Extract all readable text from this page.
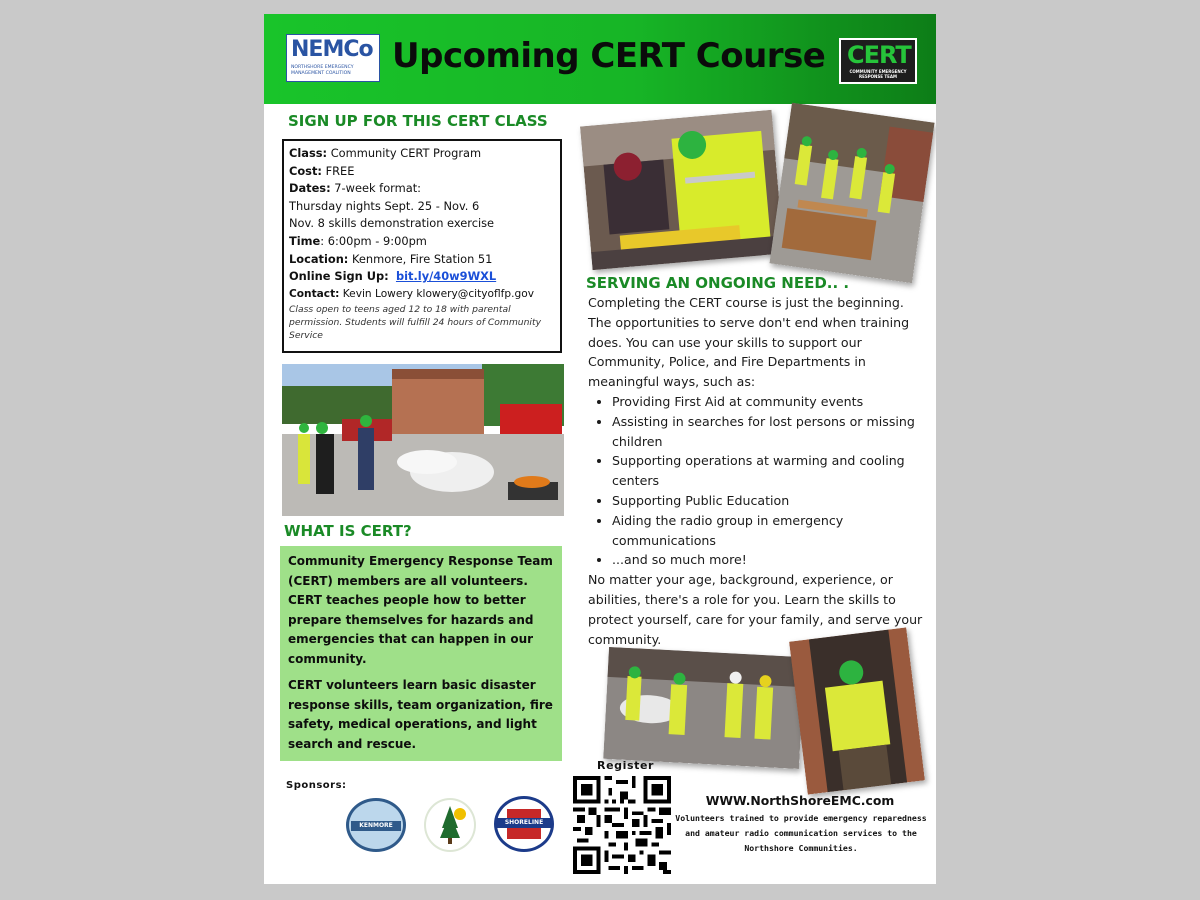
NEMCo
NORTHSHORE EMERGENCY MANAGEMENT COALITION	Upcoming CERT Course CERT
COMMUNITY EMERGENCY RESPONSE TEAM
SIGN UP FOR THIS CERT CLASS
Class: Community CERT Program
Cost: FREE
Dates: 7-week format:
Thursday nights Sept. 25 - Nov. 6
Nov. 8 skills demonstration exercise
Time: 6:00pm - 9:00pm
Location: Kenmore, Fire Station 51
Online Sign Up: bit.ly/40w9WXL
Contact: Kevin Lowery klowery@cityoflfp.gov
Class open to teens aged 12 to 18 with parental permission. Students will fulfill 24 hours of Community Service
WHAT IS CERT?

Community Emergency Response Team (CERT) members are all volunteers. CERT teaches people how to better prepare themselves for hazards and emergencies that can happen in our community.

CERT volunteers learn basic disaster response skills, team organization, fire safety, medical operations, and light search and rescue.

SERVING AN ONGOING NEED.. .

Completing the CERT course is just the beginning. The opportunities to serve don't end when training does. You can use your skills to support our Community, Police, and Fire Departments in meaningful ways, such as:

• Providing First Aid at community events
• Assisting in searches for lost persons or missing children
• Supporting operations at warming and cooling centers
• Supporting Public Education
• Aiding the radio group in emergency communications
• ...and so much more!

No matter your age, background, experience, or abilities, there's a role for you. Learn the skills to protect yourself, care for your family, and serve your community.

Sponsors:
KENMORE	SHORELINE
Register
WWW.NorthShoreEMC.com
Volunteers trained to provide emergency reparedness and amateur radio communication services to the Northshore Communities.
